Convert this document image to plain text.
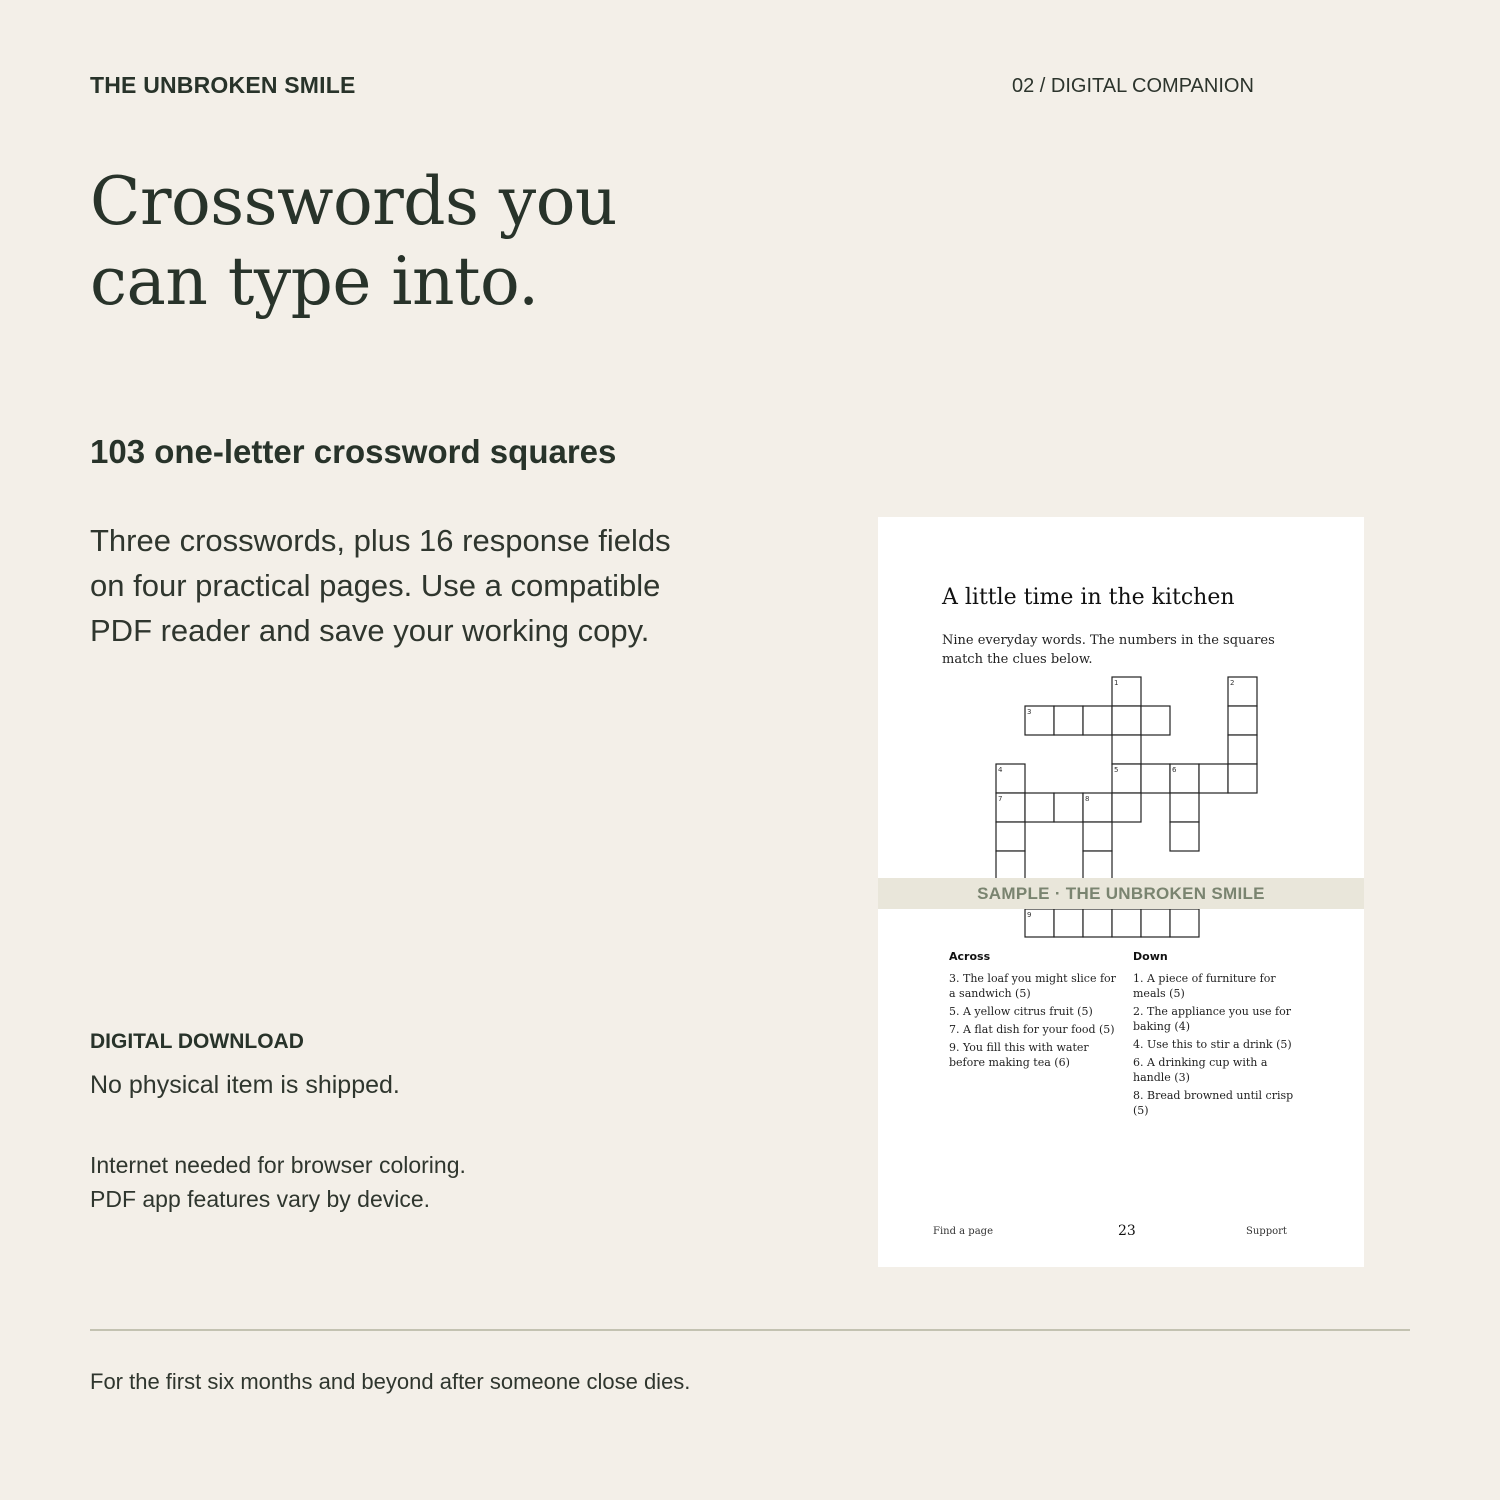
THE UNBROKEN SMILE	02 / DIGITAL COMPANION
Crosswords you
can type into.
103 one-letter crossword squares
Three crosswords, plus 16 response fields
on four practical pages. Use a compatible
PDF reader and save your working copy.
DIGITAL DOWNLOAD
No physical item is shipped.
Internet needed for browser coloring.
PDF app features vary by device.
For the first six months and beyond after someone close dies.
A little time in the kitchen
Nine everyday words. The numbers in the squares
match the clues below.
1	2
3
4	5	6
7	8
9
SAMPLE · THE UNBROKEN SMILE
Across
3. The loaf you might slice for a sandwich (5)
5. A yellow citrus fruit (5)
7. A flat dish for your food (5)
9. You fill this with water before making tea (6)
Down
1. A piece of furniture for meals (5)
2. The appliance you use for baking (4)
4. Use this to stir a drink (5)
6. A drinking cup with a handle (3)
8. Bread browned until crisp (5)
Find a page	23	Support
